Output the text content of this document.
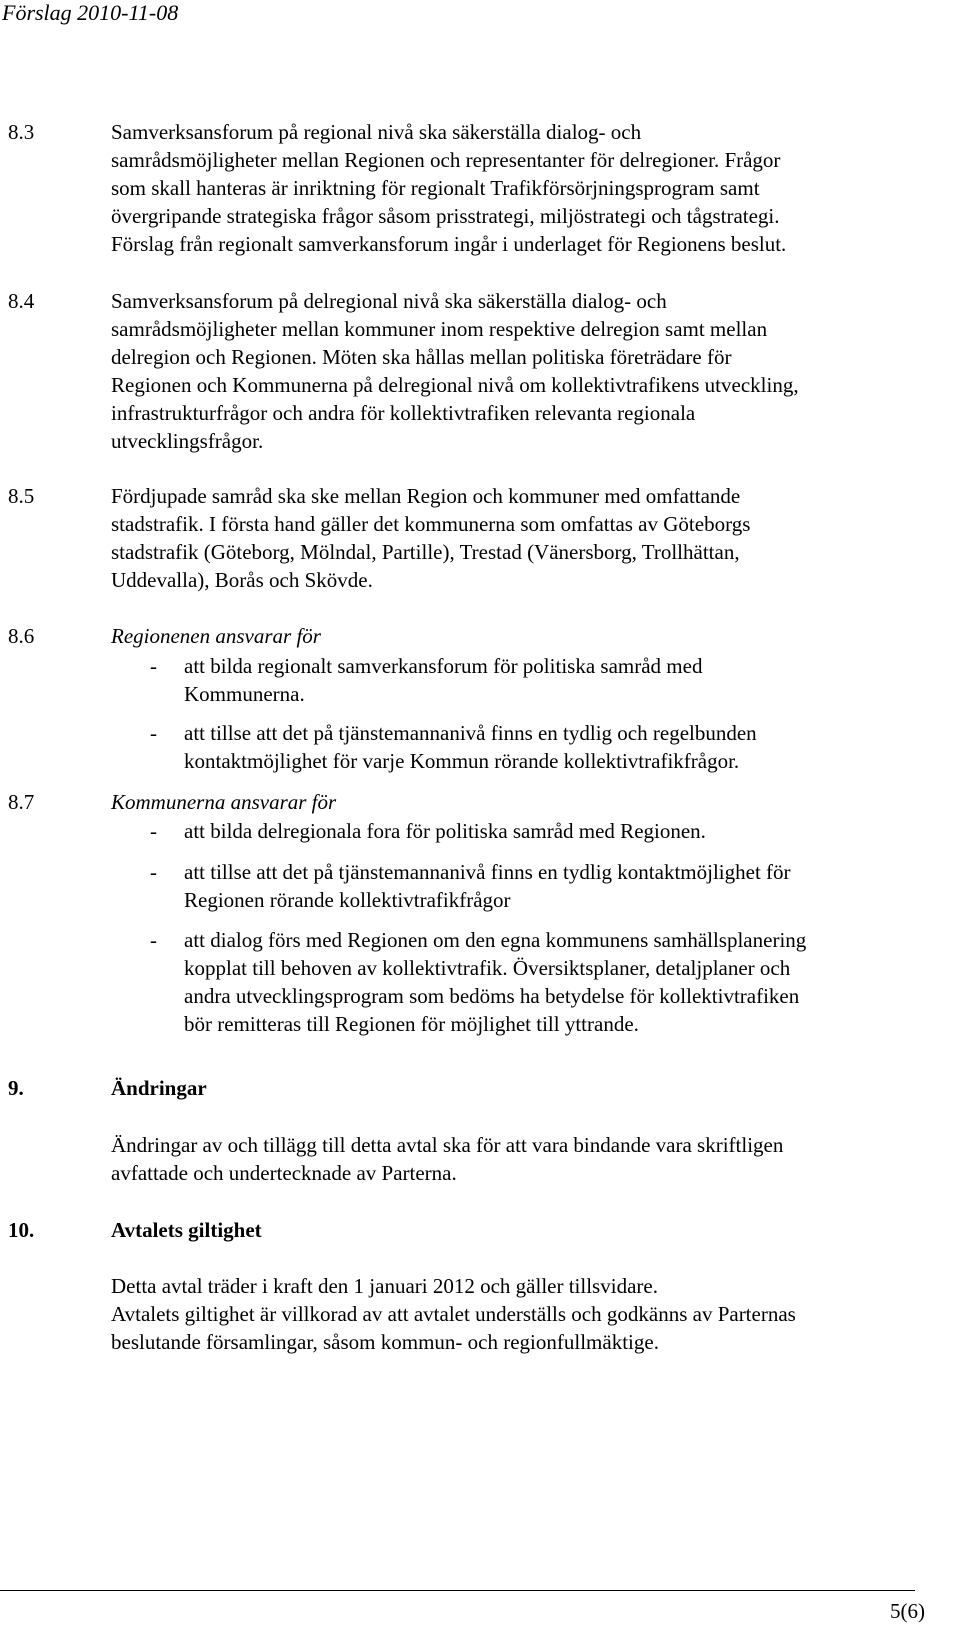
Förslag 2010-11-08
8.3	Samverksansforum på regional nivå ska säkerställa dialog- och
samrådsmöjligheter mellan Regionen och representanter för delregioner. Frågor
som skall hanteras är inriktning för regionalt Trafikförsörjningsprogram samt
övergripande strategiska frågor såsom prisstrategi, miljöstrategi och tågstrategi.
Förslag från regionalt samverkansforum ingår i underlaget för Regionens beslut.
8.4	Samverksansforum på delregional nivå ska säkerställa dialog- och
samrådsmöjligheter mellan kommuner inom respektive delregion samt mellan
delregion och Regionen. Möten ska hållas mellan politiska företrädare för
Regionen och Kommunerna på delregional nivå om kollektivtrafikens utveckling,
infrastrukturfrågor och andra för kollektivtrafiken relevanta regionala
utvecklingsfrågor.
8.5	Fördjupade samråd ska ske mellan Region och kommuner med omfattande
stadstrafik. I första hand gäller det kommunerna som omfattas av Göteborgs
stadstrafik (Göteborg, Mölndal, Partille), Trestad (Vänersborg, Trollhättan,
Uddevalla), Borås och Skövde.
8.6	Regionenen ansvarar för
- att bilda regionalt samverkansforum för politiska samråd med
Kommunerna.
- att tillse att det på tjänstemannanivå finns en tydlig och regelbunden
kontaktmöjlighet för varje Kommun rörande kollektivtrafikfrågor.
8.7	Kommunerna ansvarar för
- att bilda delregionala fora för politiska samråd med Regionen.
- att tillse att det på tjänstemannanivå finns en tydlig kontaktmöjlighet för
Regionen rörande kollektivtrafikfrågor
- att dialog förs med Regionen om den egna kommunens samhällsplanering
kopplat till behoven av kollektivtrafik. Översiktsplaner, detaljplaner och
andra utvecklingsprogram som bedöms ha betydelse för kollektivtrafiken
bör remitteras till Regionen för möjlighet till yttrande.
9.	Ändringar
Ändringar av och tillägg till detta avtal ska för att vara bindande vara skriftligen
avfattade och undertecknade av Parterna.
10.	Avtalets giltighet
Detta avtal träder i kraft den 1 januari 2012 och gäller tillsvidare.
Avtalets giltighet är villkorad av att avtalet underställs och godkänns av Parternas
beslutande församlingar, såsom kommun- och regionfullmäktige.
5(6)
